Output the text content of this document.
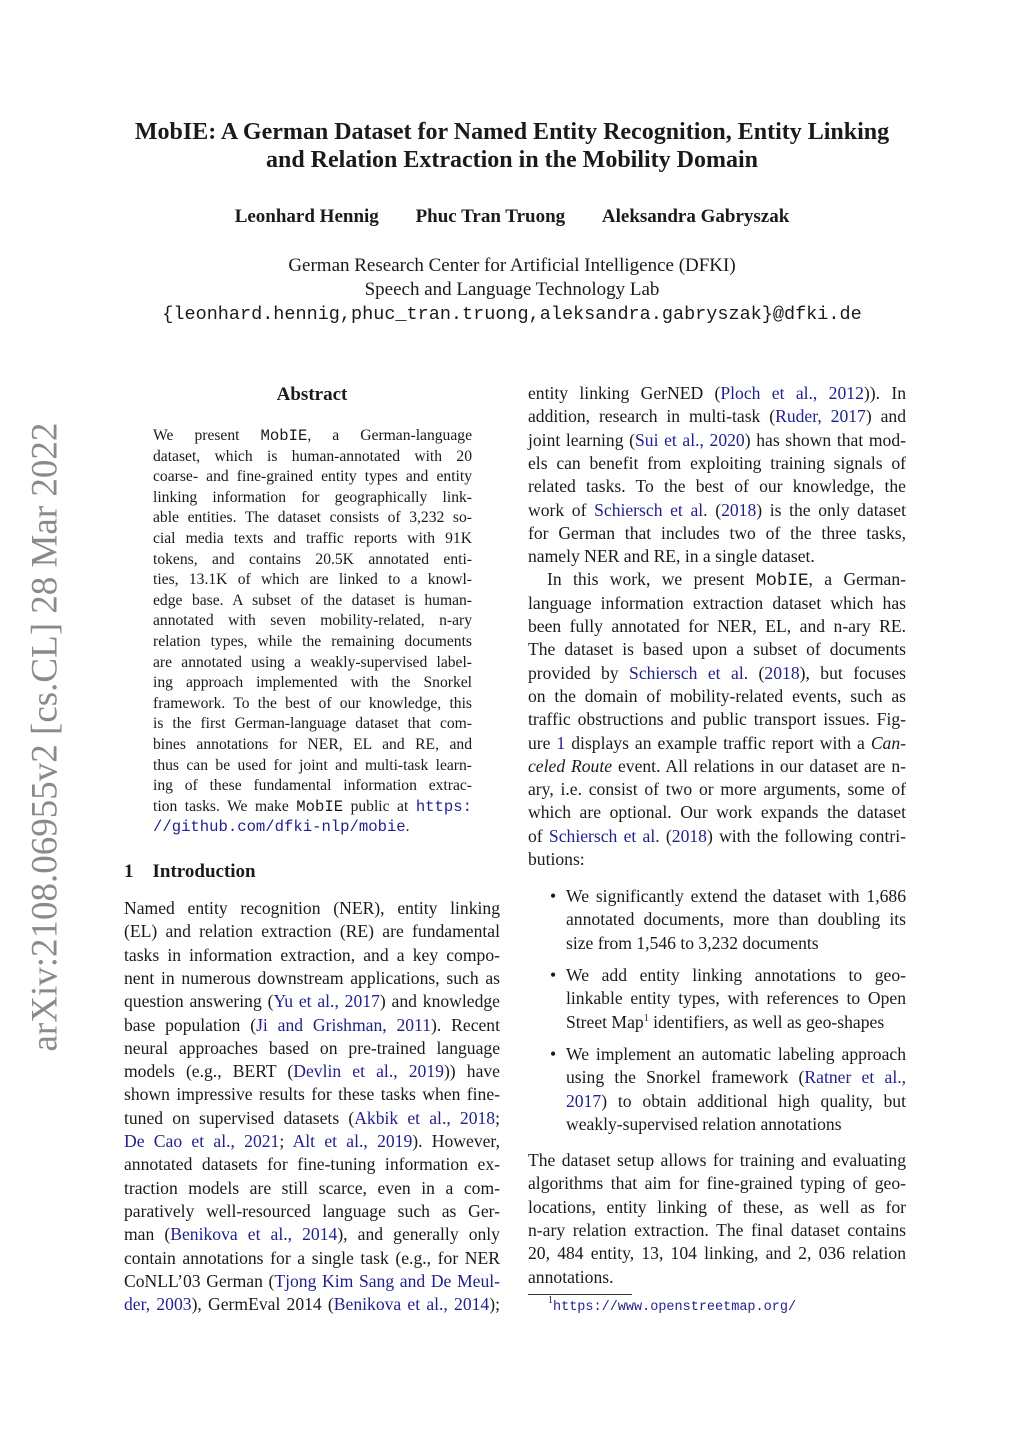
arXiv:2108.06955v2 [cs.CL] 28 Mar 2022
MobIE: A German Dataset for Named Entity Recognition, Entity Linking
and Relation Extraction in the Mobility Domain
Leonhard Hennig Phuc Tran Truong Aleksandra Gabryszak
German Research Center for Artificial Intelligence (DFKI)
Speech and Language Technology Lab
{leonhard.hennig,phuc_tran.truong,aleksandra.gabryszak}@dfki.de
Abstract
We present MobIE, a German-language
dataset, which is human-annotated with 20
coarse- and fine-grained entity types and entity
linking information for geographically link-
able entities. The dataset consists of 3,232 so-
cial media texts and traffic reports with 91K
tokens, and contains 20.5K annotated enti-
ties, 13.1K of which are linked to a knowl-
edge base. A subset of the dataset is human-
annotated with seven mobility-related, n-ary
relation types, while the remaining documents
are annotated using a weakly-supervised label-
ing approach implemented with the Snorkel
framework. To the best of our knowledge, this
is the first German-language dataset that com-
bines annotations for NER, EL and RE, and
thus can be used for joint and multi-task learn-
ing of these fundamental information extrac-
tion tasks. We make MobIE public at https:
//github.com/dfki-nlp/mobie.
1 Introduction
Named entity recognition (NER), entity linking
(EL) and relation extraction (RE) are fundamental
tasks in information extraction, and a key compo-
nent in numerous downstream applications, such as
question answering (Yu et al., 2017) and knowledge
base population (Ji and Grishman, 2011). Recent
neural approaches based on pre-trained language
models (e.g., BERT (Devlin et al., 2019)) have
shown impressive results for these tasks when fine-
tuned on supervised datasets (Akbik et al., 2018;
De Cao et al., 2021; Alt et al., 2019). However,
annotated datasets for fine-tuning information ex-
traction models are still scarce, even in a com-
paratively well-resourced language such as Ger-
man (Benikova et al., 2014), and generally only
contain annotations for a single task (e.g., for NER
CoNLL’03 German (Tjong Kim Sang and De Meul-
der, 2003), GermEval 2014 (Benikova et al., 2014);
entity linking GerNED (Ploch et al., 2012)). In
addition, research in multi-task (Ruder, 2017) and
joint learning (Sui et al., 2020) has shown that mod-
els can benefit from exploiting training signals of
related tasks. To the best of our knowledge, the
work of Schiersch et al. (2018) is the only dataset
for German that includes two of the three tasks,
namely NER and RE, in a single dataset.
In this work, we present MobIE, a German-
language information extraction dataset which has
been fully annotated for NER, EL, and n-ary RE.
The dataset is based upon a subset of documents
provided by Schiersch et al. (2018), but focuses
on the domain of mobility-related events, such as
traffic obstructions and public transport issues. Fig-
ure 1 displays an example traffic report with a Can-
celed Route event. All relations in our dataset are n-
ary, i.e. consist of two or more arguments, some of
which are optional. Our work expands the dataset
of Schiersch et al. (2018) with the following contri-
butions:
• We significantly extend the dataset with 1,686
annotated documents, more than doubling its
size from 1,546 to 3,232 documents
• We add entity linking annotations to geo-
linkable entity types, with references to Open
Street Map$^1$ identifiers, as well as geo-shapes
• We implement an automatic labeling approach
using the Snorkel framework (Ratner et al.,
2017) to obtain additional high quality, but
weakly-supervised relation annotations
The dataset setup allows for training and evaluating
algorithms that aim for fine-grained typing of geo-
locations, entity linking of these, as well as for
n-ary relation extraction. The final dataset contains
20, 484 entity, 13, 104 linking, and 2, 036 relation
annotations.
$^1$https://www.openstreetmap.org/
